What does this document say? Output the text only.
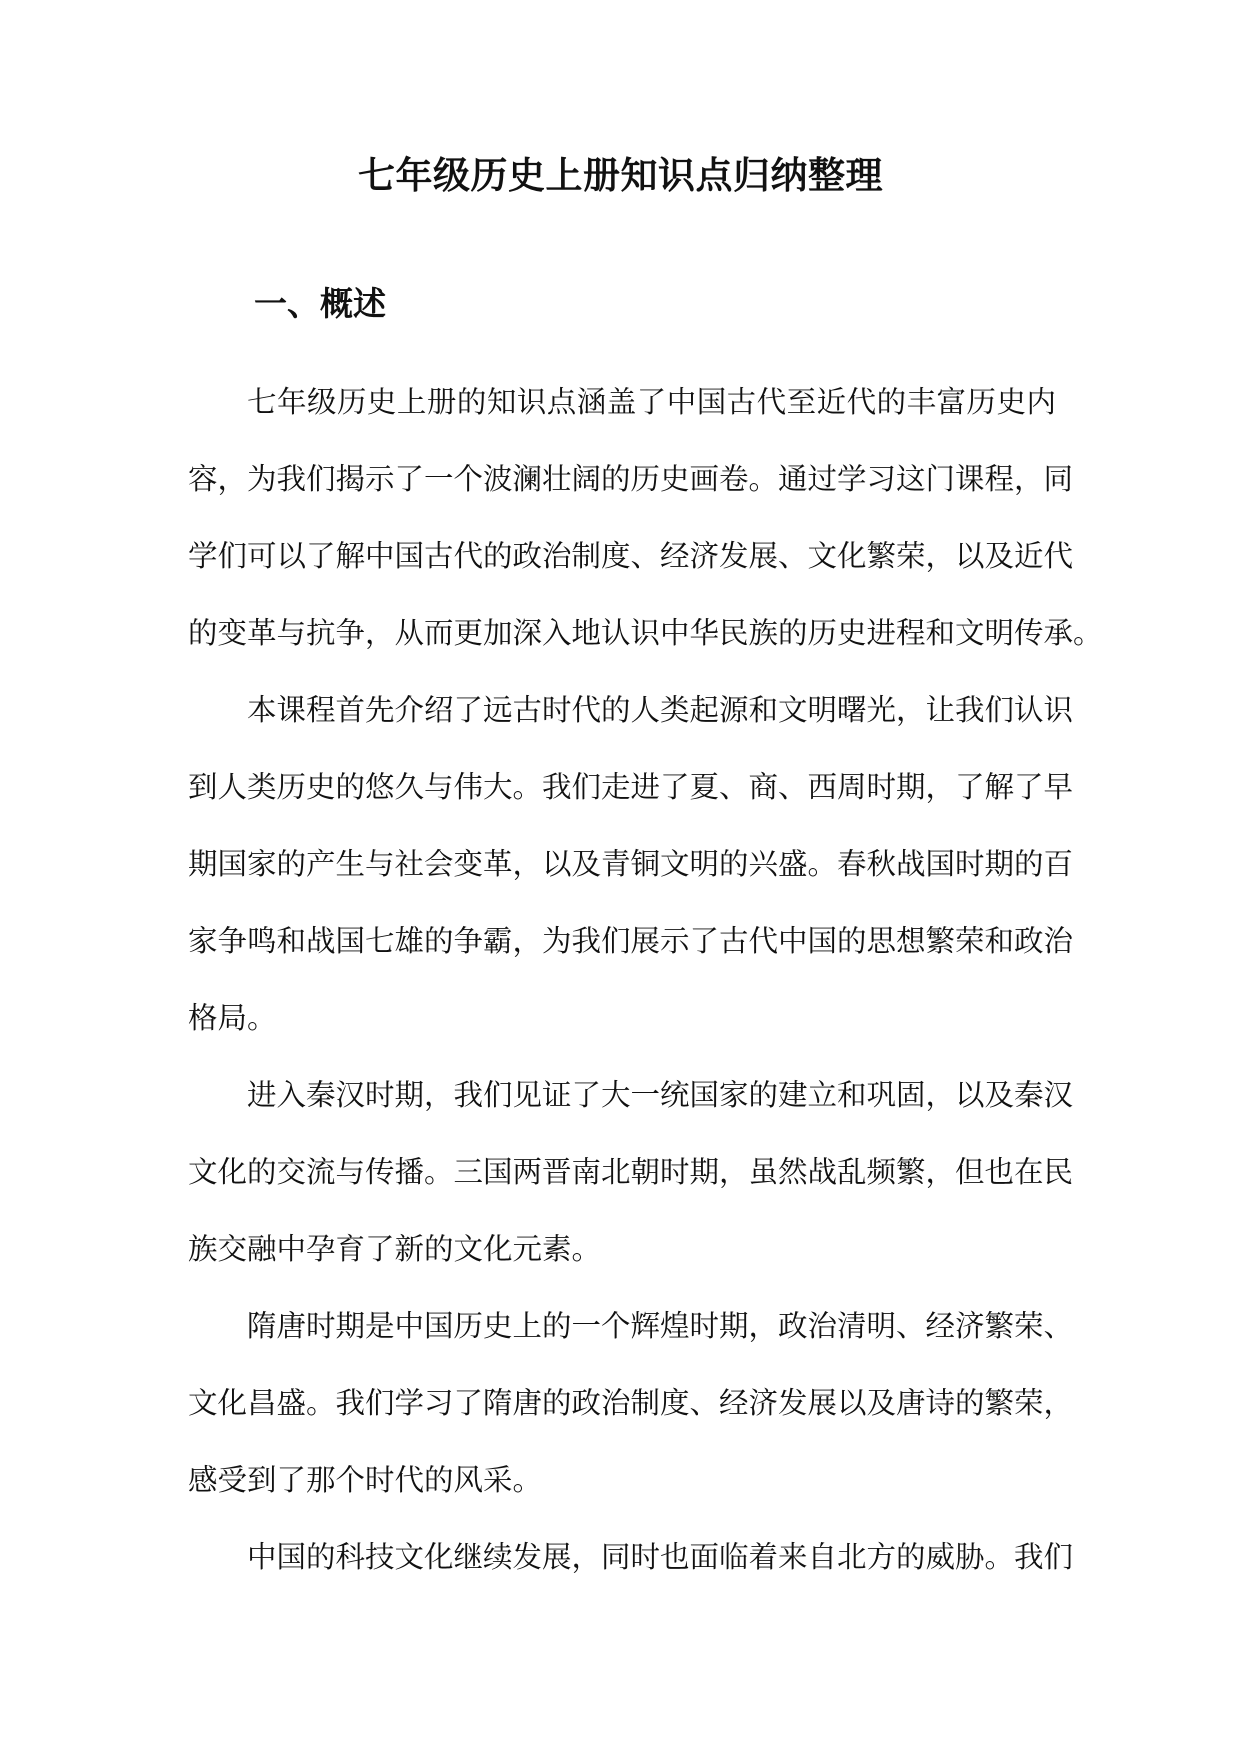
七年级历史上册知识点归纳整理
一、概述

七年级历史上册的知识点涵盖了中国古代至近代的丰富历史内
容，为我们揭示了一个波澜壮阔的历史画卷。通过学习这门课程，同
学们可以了解中国古代的政治制度、经济发展、文化繁荣，以及近代
的变革与抗争，从而更加深入地认识中华民族的历史进程和文明传承。

本课程首先介绍了远古时代的人类起源和文明曙光，让我们认识
到人类历史的悠久与伟大。我们走进了夏、商、西周时期，了解了早
期国家的产生与社会变革，以及青铜文明的兴盛。春秋战国时期的百
家争鸣和战国七雄的争霸，为我们展示了古代中国的思想繁荣和政治
格局。

进入秦汉时期，我们见证了大一统国家的建立和巩固，以及秦汉
文化的交流与传播。三国两晋南北朝时期，虽然战乱频繁，但也在民
族交融中孕育了新的文化元素。

隋唐时期是中国历史上的一个辉煌时期，政治清明、经济繁荣、
文化昌盛。我们学习了隋唐的政治制度、经济发展以及唐诗的繁荣，
感受到了那个时代的风采。

中国的科技文化继续发展，同时也面临着来自北方的威胁。我们
